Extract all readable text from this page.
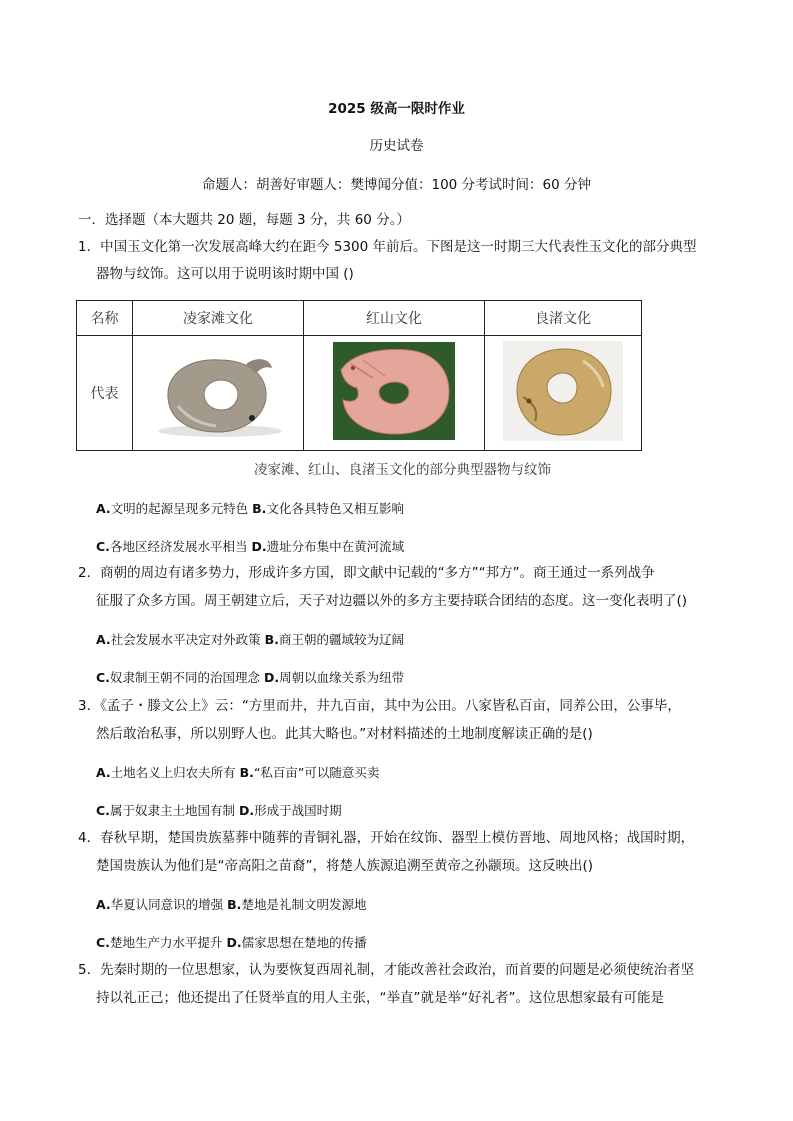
2025 级高一限时作业
历史试卷
命题人：胡善好审题人：樊博闻分值：100 分考试时间：60 分钟
一．选择题（本大题共 20 题，每题 3 分，共 60 分。）
1．中国玉文化第一次发展高峰大约在距今 5300 年前后。下图是这一时期三大代表性玉文化的部分典型
器物与纹饰。这可以用于说明该时期中国 ()
名称	凌家滩文化	红山文化	良渚文化
代表			
凌家滩、红山、良渚玉文化的部分典型器物与纹饰
A.文明的起源呈现多元特色 B.文化各具特色又相互影响
C.各地区经济发展水平相当 D.遗址分布集中在黄河流域
2．商朝的周边有诸多势力，形成许多方国，即文献中记载的“多方”“邦方”。商王通过一系列战争
征服了众多方国。周王朝建立后，天子对边疆以外的多方主要持联合团结的态度。这一变化表明了()
A.社会发展水平决定对外政策 B.商王朝的疆域较为辽阔
C.奴隶制王朝不同的治国理念 D.周朝以血缘关系为纽带
3．《孟子・滕文公上》云：“方里而井，井九百亩，其中为公田。八家皆私百亩，同养公田，公事毕，
然后敢治私事，所以别野人也。此其大略也。”对材料描述的土地制度解读正确的是()
A.土地名义上归农夫所有 B.“私百亩”可以随意买卖
C.属于奴隶主土地国有制 D.形成于战国时期
4．春秋早期，楚国贵族墓葬中随葬的青铜礼器，开始在纹饰、器型上模仿晋地、周地风格；战国时期，
楚国贵族认为他们是“帝高阳之苗裔”，将楚人族源追溯至黄帝之孙颛顼。这反映出()
A.华夏认同意识的增强 B.楚地是礼制文明发源地
C.楚地生产力水平提升 D.儒家思想在楚地的传播
5．先秦时期的一位思想家，认为要恢复西周礼制，才能改善社会政治，而首要的问题是必须使统治者坚
持以礼正己；他还提出了任贤举直的用人主张，“举直”就是举“好礼者”。这位思想家最有可能是
